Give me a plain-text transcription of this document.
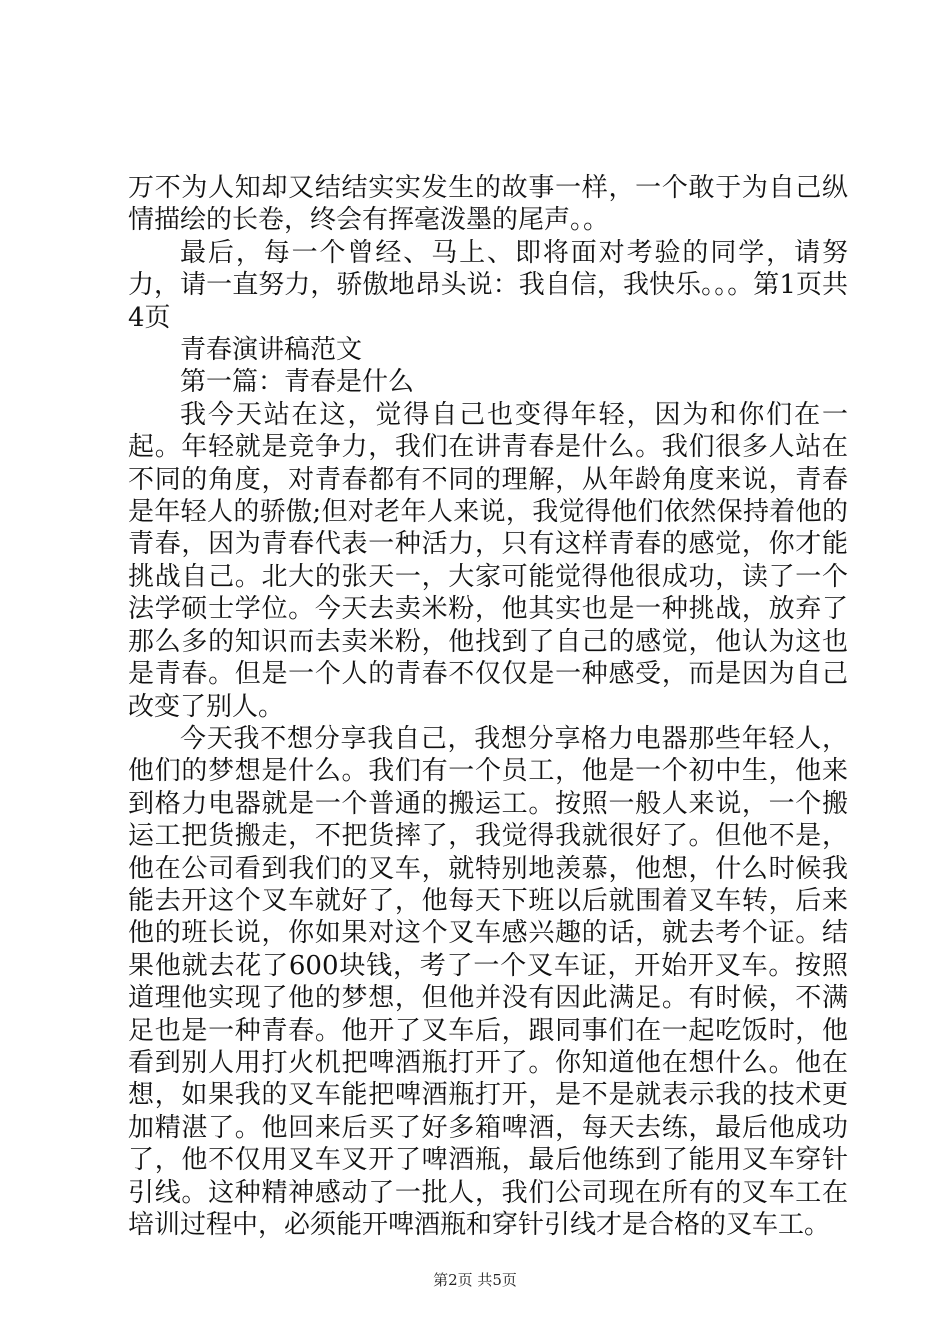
万不为人知却又结结实实发生的故事一样，一个敢于为自己纵情描绘的长卷，终会有挥毫泼墨的尾声。。

最后，每一个曾经、马上、即将面对考验的同学，请努力，请一直努力，骄傲地昂头说：我自信，我快乐。。。第1页共4页

青春演讲稿范文

第一篇：青春是什么

我今天站在这，觉得自己也变得年轻，因为和你们在一起。年轻就是竞争力，我们在讲青春是什么。我们很多人站在不同的角度，对青春都有不同的理解，从年龄角度来说，青春是年轻人的骄傲;但对老年人来说，我觉得他们依然保持着他的青春，因为青春代表一种活力，只有这样青春的感觉，你才能挑战自己。北大的张天一，大家可能觉得他很成功，读了一个法学硕士学位。今天去卖米粉，他其实也是一种挑战，放弃了那么多的知识而去卖米粉，他找到了自己的感觉，他认为这也是青春。但是一个人的青春不仅仅是一种感受，而是因为自己改变了别人。

今天我不想分享我自己，我想分享格力电器那些年轻人，他们的梦想是什么。我们有一个员工，他是一个初中生，他来到格力电器就是一个普通的搬运工。按照一般人来说，一个搬运工把货搬走，不把货摔了，我觉得我就很好了。但他不是，他在公司看到我们的叉车，就特别地羡慕，他想，什么时候我能去开这个叉车就好了，他每天下班以后就围着叉车转，后来他的班长说，你如果对这个叉车感兴趣的话，就去考个证。结果他就去花了600块钱，考了一个叉车证，开始开叉车。按照道理他实现了他的梦想，但他并没有因此满足。有时候，不满足也是一种青春。他开了叉车后，跟同事们在一起吃饭时，他看到别人用打火机把啤酒瓶打开了。你知道他在想什么。他在想，如果我的叉车能把啤酒瓶打开，是不是就表示我的技术更加精湛了。他回来后买了好多箱啤酒，每天去练，最后他成功了，他不仅用叉车叉开了啤酒瓶，最后他练到了能用叉车穿针引线。这种精神感动了一批人，我们公司现在所有的叉车工在培训过程中，必须能开啤酒瓶和穿针引线才是合格的叉车工。

第2页 共5页
